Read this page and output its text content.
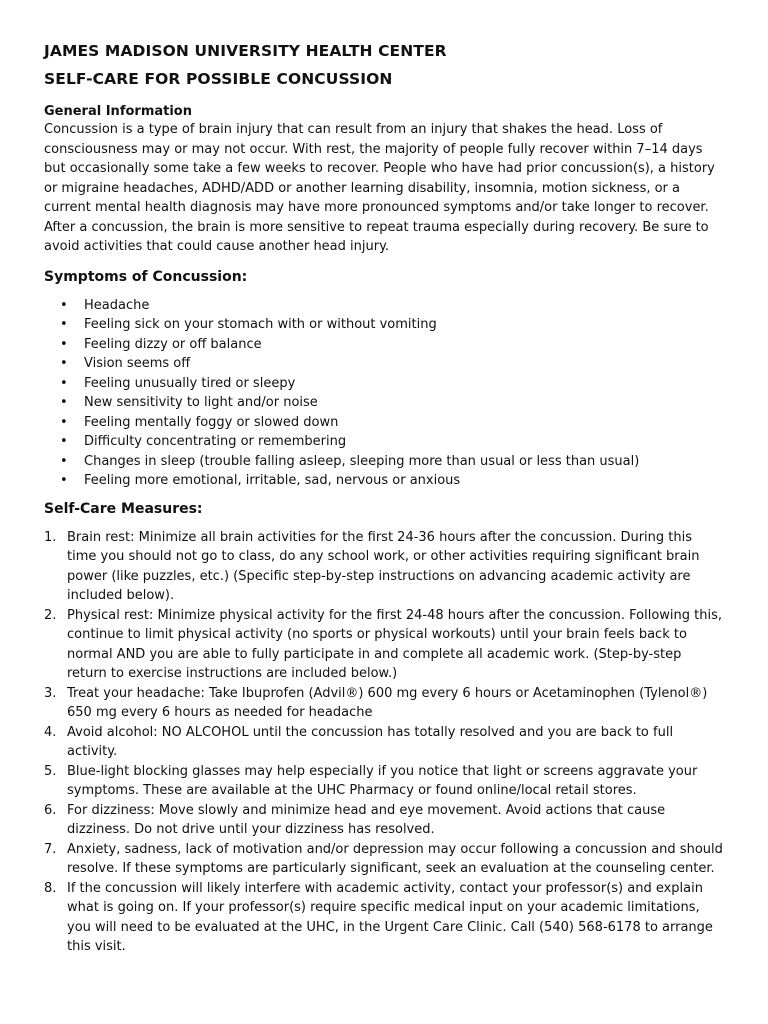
JAMES MADISON UNIVERSITY HEALTH CENTER
SELF-CARE FOR POSSIBLE CONCUSSION
General Information

Concussion is a type of brain injury that can result from an injury that shakes the head. Loss of consciousness may or may not occur. With rest, the majority of people fully recover within 7–14 days but occasionally some take a few weeks to recover. People who have had prior concussion(s), a history or migraine headaches, ADHD/ADD or another learning disability, insomnia, motion sickness, or a current mental health diagnosis may have more pronounced symptoms and/or take longer to recover.

After a concussion, the brain is more sensitive to repeat trauma especially during recovery. Be sure to avoid activities that could cause another head injury.

Symptoms of Concussion:
• Headache
• Feeling sick on your stomach with or without vomiting
• Feeling dizzy or off balance
• Vision seems off
• Feeling unusually tired or sleepy
• New sensitivity to light and/or noise
• Feeling mentally foggy or slowed down
• Difficulty concentrating or remembering
• Changes in sleep (trouble falling asleep, sleeping more than usual or less than usual)
• Feeling more emotional, irritable, sad, nervous or anxious
Self-Care Measures:
1. Brain rest: Minimize all brain activities for the first 24-36 hours after the concussion. During this time you should not go to class, do any school work, or other activities requiring significant brain power (like puzzles, etc.) (Specific step-by-step instructions on advancing academic activity are included below).
2. Physical rest: Minimize physical activity for the first 24-48 hours after the concussion. Following this, continue to limit physical activity (no sports or physical workouts) until your brain feels back to normal AND you are able to fully participate in and complete all academic work. (Step-by-step return to exercise instructions are included below.)
3. Treat your headache: Take Ibuprofen (Advil®) 600 mg every 6 hours or Acetaminophen (Tylenol®) 650 mg every 6 hours as needed for headache
4. Avoid alcohol: NO ALCOHOL until the concussion has totally resolved and you are back to full activity.
5. Blue-light blocking glasses may help especially if you notice that light or screens aggravate your symptoms. These are available at the UHC Pharmacy or found online/local retail stores.
6. For dizziness: Move slowly and minimize head and eye movement. Avoid actions that cause dizziness. Do not drive until your dizziness has resolved.
7. Anxiety, sadness, lack of motivation and/or depression may occur following a concussion and should resolve. If these symptoms are particularly significant, seek an evaluation at the counseling center.
8. If the concussion will likely interfere with academic activity, contact your professor(s) and explain what is going on. If your professor(s) require specific medical input on your academic limitations, you will need to be evaluated at the UHC, in the Urgent Care Clinic. Call (540) 568-6178 to arrange this visit.
